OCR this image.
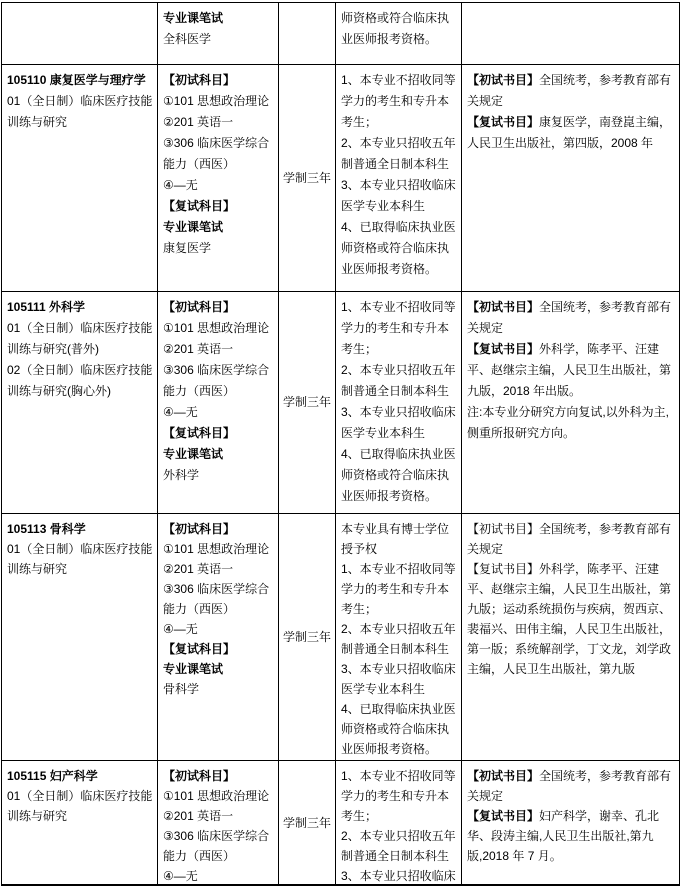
专业课笔试
全科医学
师资格或符合临床执业医师报考资格。
105110 康复医学与理疗学
01（全日制）临床医疗技能训练与研究
【初试科目】
①101 思想政治理论
②201 英语一
③306 临床医学综合能力（西医）
④—无
【复试科目】
专业课笔试
康复医学
学制三年
1、本专业不招收同等学力的考生和专升本考生；
2、本专业只招收五年制普通全日制本科生
3、本专业只招收临床医学专业本科生
4、已取得临床执业医师资格或符合临床执业医师报考资格。

【初试书目】全国统考，参考教育部有关规定

【复试书目】康复医学，南登崑主编，人民卫生出版社，第四版，2008 年

105111 外科学
01（全日制）临床医疗技能训练与研究(普外)
02（全日制）临床医疗技能训练与研究(胸心外)
【初试科目】
①101 思想政治理论
②201 英语一
③306 临床医学综合能力（西医）
④—无
【复试科目】
专业课笔试
外科学
学制三年
1、本专业不招收同等学力的考生和专升本考生；
2、本专业只招收五年制普通全日制本科生
3、本专业只招收临床医学专业本科生
4、已取得临床执业医师资格或符合临床执业医师报考资格。

【初试书目】全国统考，参考教育部有关规定

【复试书目】外科学，陈孝平、汪建平、赵继宗主编，人民卫生出版社，第九版，2018 年出版。

注:本专业分研究方向复试,以外科为主,侧重所报研究方向。

105113 骨科学
01（全日制）临床医疗技能训练与研究
【初试科目】
①101 思想政治理论
②201 英语一
③306 临床医学综合能力（西医）
④—无
【复试科目】
专业课笔试
骨科学
学制三年
本专业具有博士学位授予权
1、本专业不招收同等学力的考生和专升本考生；
2、本专业只招收五年制普通全日制本科生
3、本专业只招收临床医学专业本科生
4、已取得临床执业医师资格或符合临床执业医师报考资格。

【初试书目】全国统考，参考教育部有关规定

【复试书目】外科学，陈孝平、汪建平、赵继宗主编，人民卫生出版社，第九版；运动系统损伤与疾病，贺西京、裴福兴、田伟主编，人民卫生出版社，第一版；系统解剖学，丁文龙，刘学政主编，人民卫生出版社，第九版

105115 妇产科学
01（全日制）临床医疗技能训练与研究
【初试科目】
①101 思想政治理论
②201 英语一
③306 临床医学综合能力（西医）
④—无
学制三年
1、本专业不招收同等学力的考生和专升本考生；
2、本专业只招收五年制普通全日制本科生
3、本专业只招收临床

【初试书目】全国统考，参考教育部有关规定

【复试书目】妇产科学，谢幸、孔北华、段涛主编,人民卫生出版社,第九版,2018 年 7 月。
